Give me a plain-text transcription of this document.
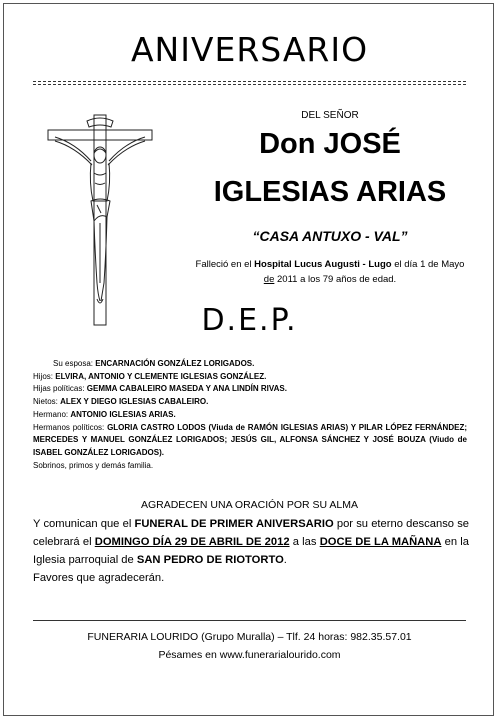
ANIVERSARIO
DEL SEÑOR
Don JOSÉ
IGLESIAS ARIAS
“CASA ANTUXO - VAL”
Falleció en el Hospital Lucus Augusti - Lugo el día 1 de Mayo
de 2011 a los 79 años de edad.
D.E.P.
Su esposa: ENCARNACIÓN GONZÁLEZ LORIGADOS.
Hijos: ELVIRA, ANTONIO Y CLEMENTE IGLESIAS GONZÁLEZ.
Hijas políticas: GEMMA CABALEIRO MASEDA Y ANA LINDÍN RIVAS.
Nietos: ALEX Y DIEGO IGLESIAS CABALEIRO.
Hermano: ANTONIO IGLESIAS ARIAS.
Hermanos políticos: GLORIA CASTRO LODOS (Viuda de RAMÓN IGLESIAS ARIAS) Y PILAR LÓPEZ FERNÁNDEZ; MERCEDES Y MANUEL GONZÁLEZ LORIGADOS; JESÚS GIL, ALFONSA SÁNCHEZ Y JOSÉ BOUZA (Viudo de ISABEL GONZÁLEZ LORIGADOS).
Sobrinos, primos y demás familia.
AGRADECEN UNA ORACIÓN POR SU ALMA
Y comunican que el FUNERAL DE PRIMER ANIVERSARIO por su eterno descanso se celebrará el DOMINGO DÍA 29 DE ABRIL DE 2012 a las DOCE DE LA MAÑANA en la Iglesia parroquial de SAN PEDRO DE RIOTORTO.
Favores que agradecerán.
FUNERARIA LOURIDO (Grupo Muralla) – Tlf. 24 horas: 982.35.57.01
Pésames en www.funerarialourido.com
